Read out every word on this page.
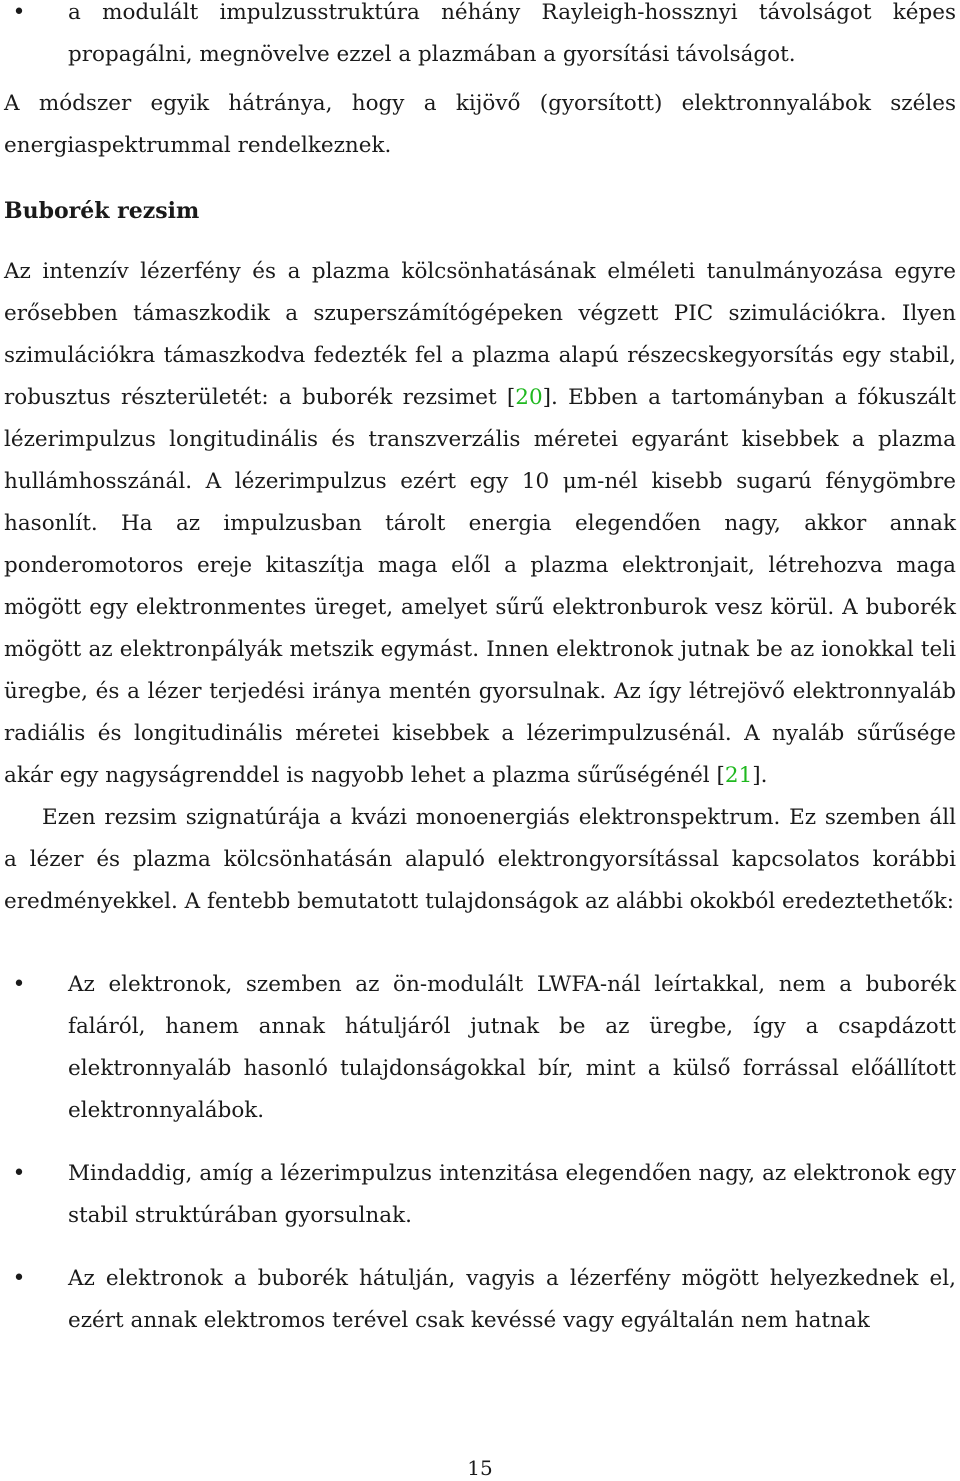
•	a modulált impulzusstruktúra néhány Rayleigh-hossznyi távolságot képes propagálni, megnövelve ezzel a plazmában a gyorsítási távolságot.

A módszer egyik hátránya, hogy a kijövő (gyorsított) elektronnyalábok széles energiaspektrummal rendelkeznek.

Buborék rezsim

Az intenzív lézerfény és a plazma kölcsönhatásának elméleti tanulmányozása egyre erősebben támaszkodik a szuperszámítógépeken végzett PIC szimulációkra. Ilyen szimulációkra támaszkodva fedezték fel a plazma alapú részecskegyorsítás egy stabil, robusztus részterületét: a buborék rezsimet [20]. Ebben a tartományban a fókuszált lézerimpulzus longitudinális és transzverzális méretei egyaránt kisebbek a plazma hullámhosszánál. A lézerimpulzus ezért egy 10 μm-nél kisebb sugarú fénygömbre hasonlít. Ha az impulzusban tárolt energia elegendően nagy, akkor annak ponderomotoros ereje kitaszítja maga elől a plazma elektronjait, létrehozva maga mögött egy elektronmentes üreget, amelyet sűrű elektronburok vesz körül. A buborék mögött az elektronpályák metszik egymást. Innen elektronok jutnak be az ionokkal teli üregbe, és a lézer terjedési iránya mentén gyorsulnak. Az így létrejövő elektronnyaláb radiális és longitudinális méretei kisebbek a lézerimpulzusénál. A nyaláb sűrűsége akár egy nagyságrenddel is nagyobb lehet a plazma sűrűségénél [21].

Ezen rezsim szignatúrája a kvázi monoenergiás elektronspektrum. Ez szemben áll a lézer és plazma kölcsönhatásán alapuló elektrongyorsítással kapcsolatos korábbi eredményekkel. A fentebb bemutatott tulajdonságok az alábbi okokból eredeztethetők:

•	Az elektronok, szemben az ön-modulált LWFA-nál leírtakkal, nem a buborék faláról, hanem annak hátuljáról jutnak be az üregbe, így a csapdázott elektronnyaláb hasonló tulajdonságokkal bír, mint a külső forrással előállított elektronnyalábok.
•	Mindaddig, amíg a lézerimpulzus intenzitása elegendően nagy, az elektronok egy stabil struktúrában gyorsulnak.
•	Az elektronok a buborék hátulján, vagyis a lézerfény mögött helyezkednek el, ezért annak elektromos terével csak kevéssé vagy egyáltalán nem hatnak
15
